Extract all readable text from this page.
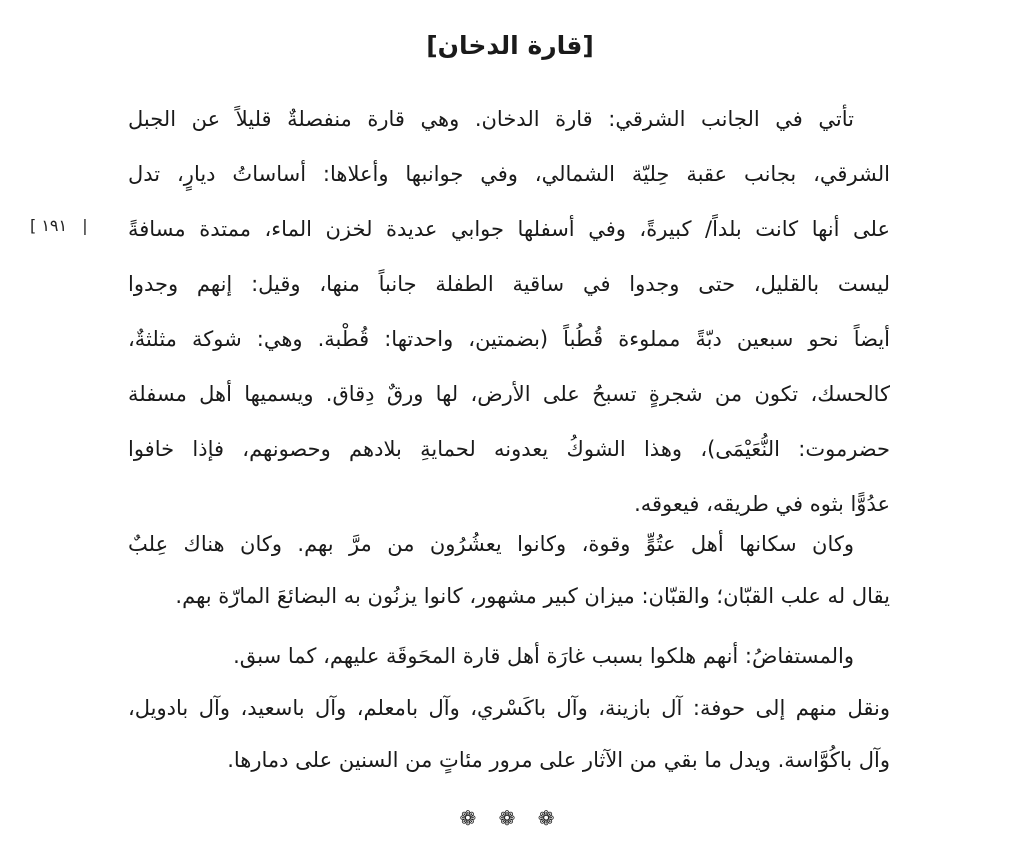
[قارة الدخان]
[ ١٩١ |

تأتي في الجانب الشرقي: قارة الدخان. وهي قارة منفصلةٌ قليلاً عن الجبل
الشرقي، بجانب عقبة حِليّة الشمالي، وفي جوانبها وأعلاها: أساساتُ ديارٍ، تدل
على أنها كانت بلداً/ كبيرةً، وفي أسفلها جوابي عديدة لخزن الماء، ممتدة مسافةً
ليست بالقليل، حتى وجدوا في ساقية الطفلة جانباً منها، وقيل: إنهم وجدوا
أيضاً نحو سبعين دبّةً مملوءة قُطُباً (بضمتين، واحدتها: قُطْبة. وهي: شوكة مثلثةٌ،
كالحسك، تكون من شجرةٍ تسبحُ على الأرض، لها ورقٌ دِقاق. ويسميها أهل مسفلة
حضرموت: النُّعَيْمَى)، وهذا الشوكُ يعدونه لحمايةِ بلادهم وحصونهم، فإذا خافوا
عدُوًّا بثوه في طريقه، فيعوقه.

وكان سكانها أهل عتُوٍّ وقوة، وكانوا يعشُرُون من مرَّ بهم. وكان هناك عِلبٌ
يقال له علب القبّان؛ والقبّان: ميزان كبير مشهور، كانوا يزنُون به البضائعَ المارّة بهم.

والمستفاضُ: أنهم هلكوا بسبب غارَة أهل قارة المحَوقَة عليهم، كما سبق.
ونقل منهم إلى حوفة: آل بازينة، وآل باكَسْري، وآل بامعلم، وآل باسعيد، وآل بادويل،
وآل باكُوَّاسة. ويدل ما بقي من الآثار على مرور مئاتٍ من السنين على دمارها.

❁ ❁ ❁
